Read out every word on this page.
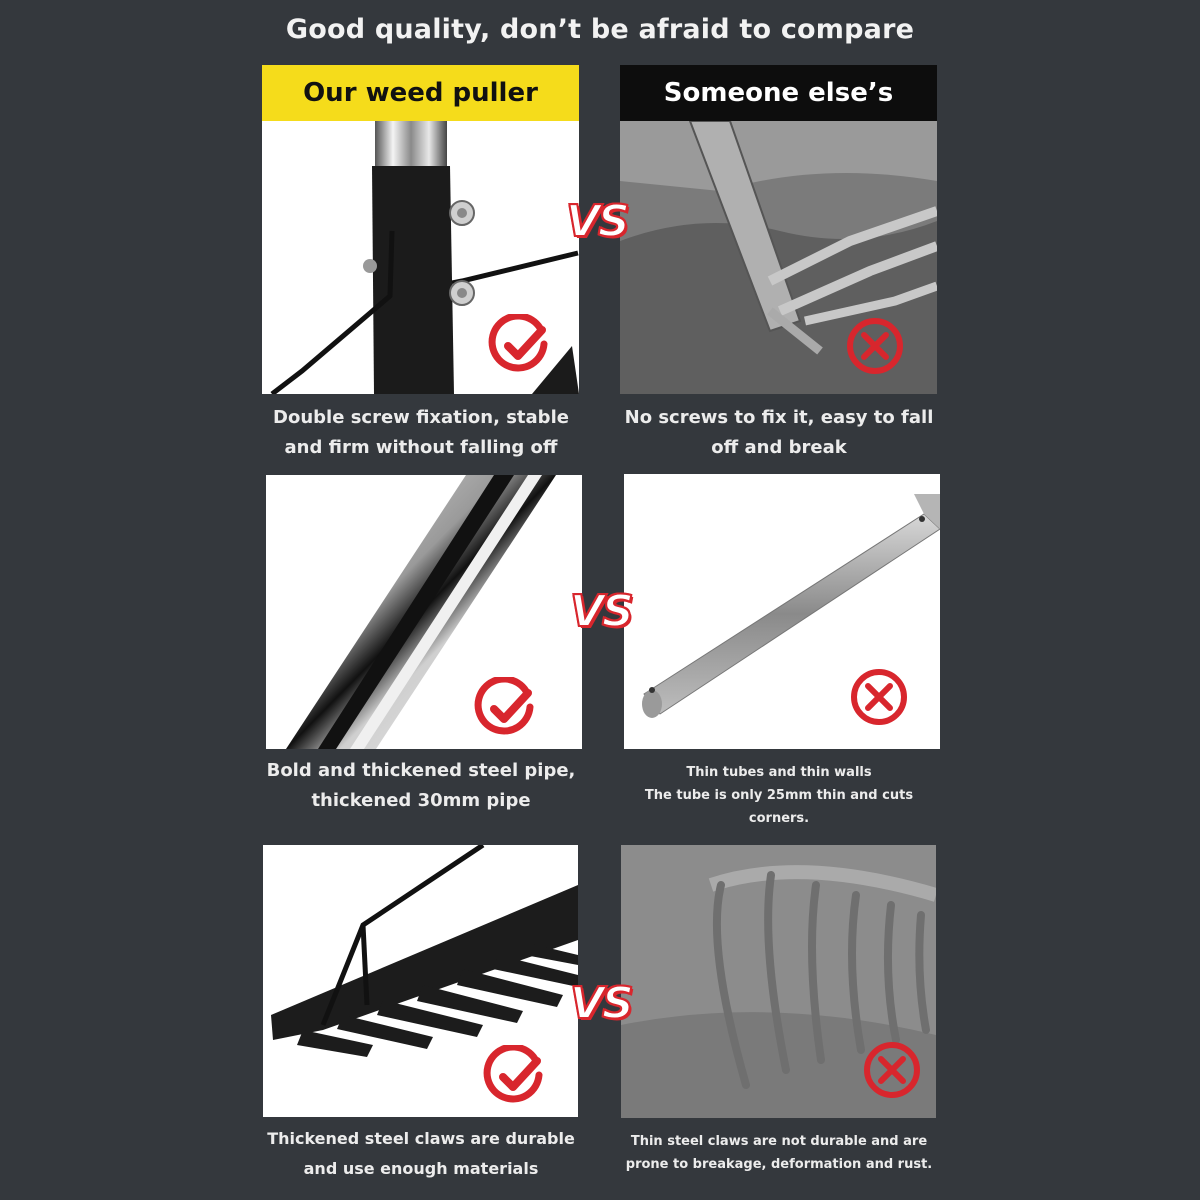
Good quality, don’t be afraid to compare
Our weed puller	Someone else’s
VS
Double screw fixation, stable
and firm without falling off
No screws to fix it, easy to fall
off and break
VS
Bold and thickened steel pipe,
thickened 30mm pipe
Thin tubes and thin walls
The tube is only 25mm thin and cuts
corners.
VS
Thickened steel claws are durable
and use enough materials
Thin steel claws are not durable and are
prone to breakage, deformation and rust.
